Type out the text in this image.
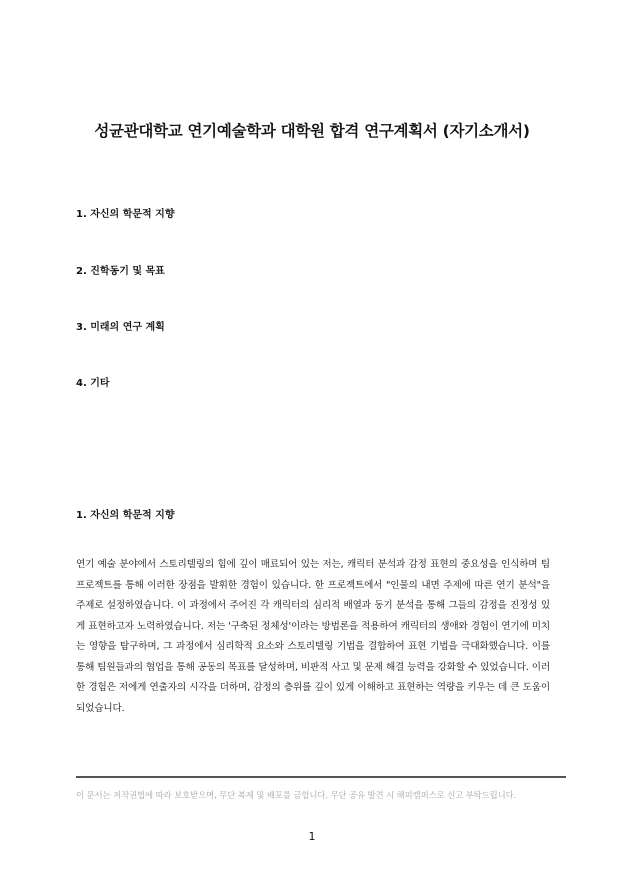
성균관대학교 연기예술학과 대학원 합격 연구계획서 (자기소개서)

1. 자신의 학문적 지향

2. 진학동기 및 목표

3. 미래의 연구 계획

4. 기타

1. 자신의 학문적 지향

연기 예술 분야에서 스토리텔링의 힘에 깊이 매료되어 있는 저는, 캐릭터 분석과 감정 표현의 중요성을 인식하며 팀 프로젝트를 통해 이러한 장점을 발휘한 경험이 있습니다. 한 프로젝트에서 "인물의 내면 주제에 따른 연기 분석"을 주제로 설정하였습니다. 이 과정에서 주어진 각 캐릭터의 심리적 배열과 동기 분석을 통해 그들의 감정을 진정성 있게 표현하고자 노력하였습니다. 저는 '구축된 정체성'이라는 방법론을 적용하여 캐릭터의 생애와 경험이 연기에 미치는 영향을 탐구하며, 그 과정에서 심리학적 요소와 스토리텔링 기법을 결합하여 표현 기법을 극대화했습니다. 이를 통해 팀원들과의 협업을 통해 공동의 목표를 달성하며, 비판적 사고 및 문제 해결 능력을 강화할 수 있었습니다. 이러한 경험은 저에게 연출자의 시각을 더하며, 감정의 층위를 깊이 있게 이해하고 표현하는 역량을 키우는 데 큰 도움이 되었습니다.

이 문서는 저작권법에 따라 보호받으며, 무단 복제 및 배포를 금합니다. 무단 공유 발견 시 해피캠퍼스로 신고 부탁드립니다.

1
